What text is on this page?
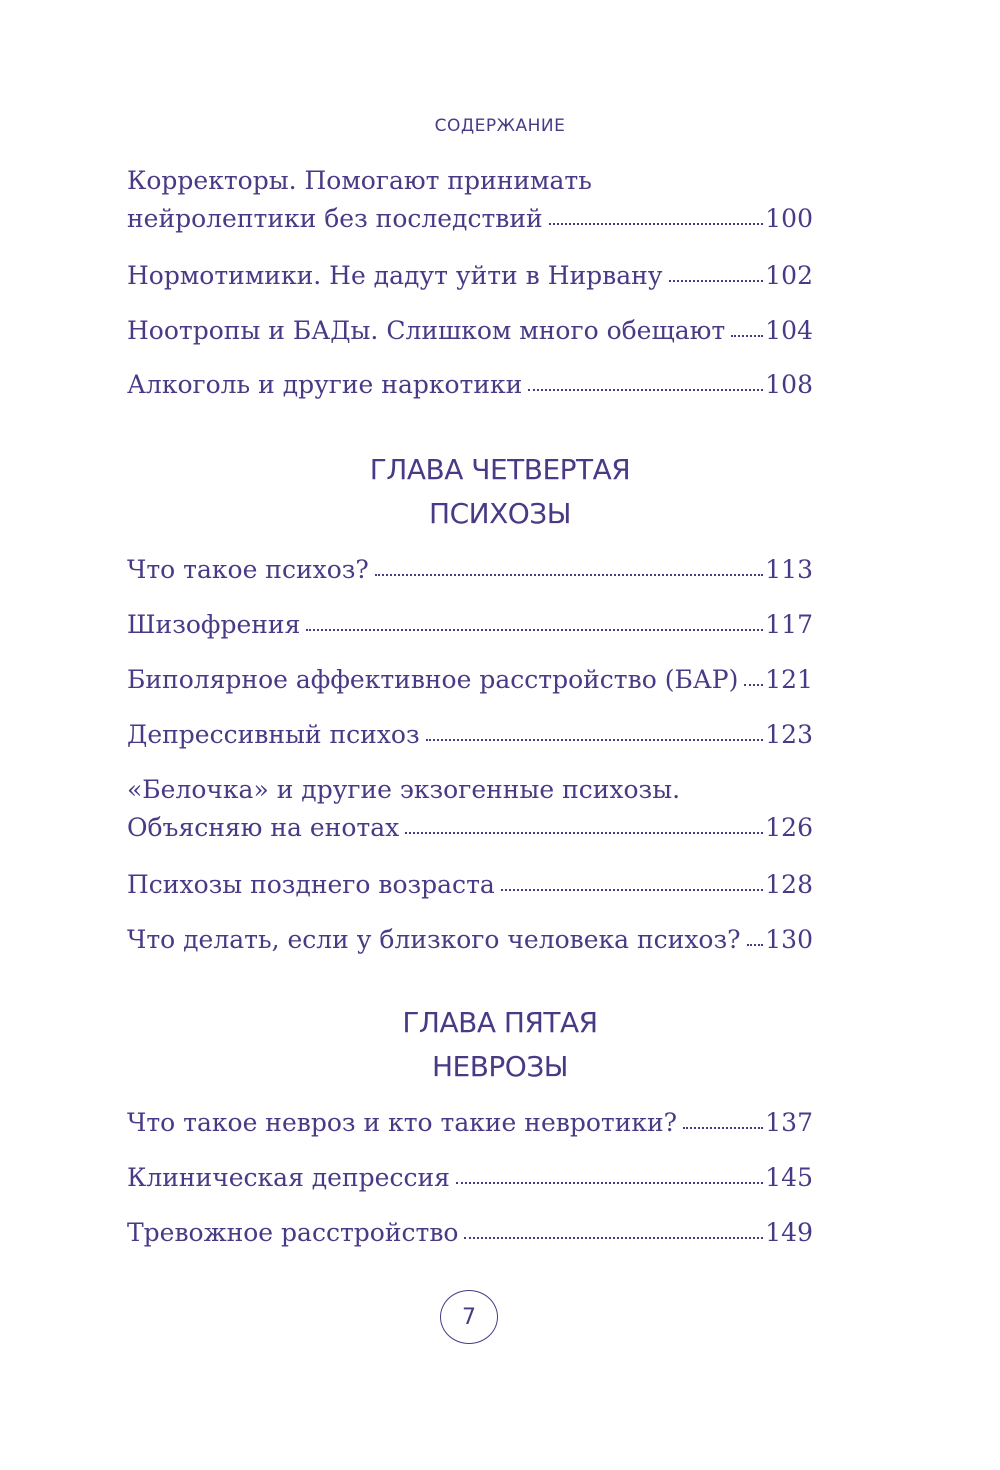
СОДЕРЖАНИЕ
Корректоры. Помогают принимать
нейролептики без последствий	100
Нормотимики. Не дадут уйти в Нирвану	102
Ноотропы и БАДы. Слишком много обещают 104
Алкоголь и другие наркотики	108
ГЛАВА ЧЕТВЕРТАЯ
ПСИХОЗЫ
Что такое психоз?	113
Шизофрения	117
Биполярное аффективное расстройство (БАР) 121
Депрессивный психоз	123
«Белочка» и другие экзогенные психозы.
Объясняю на енотах	126
Психозы позднего возраста	128
Что делать, если у близкого человека психоз? 130
ГЛАВА ПЯТАЯ
НЕВРОЗЫ
Что такое невроз и кто такие невротики?	137
Клиническая депрессия	145
Тревожное расстройство	149
7
